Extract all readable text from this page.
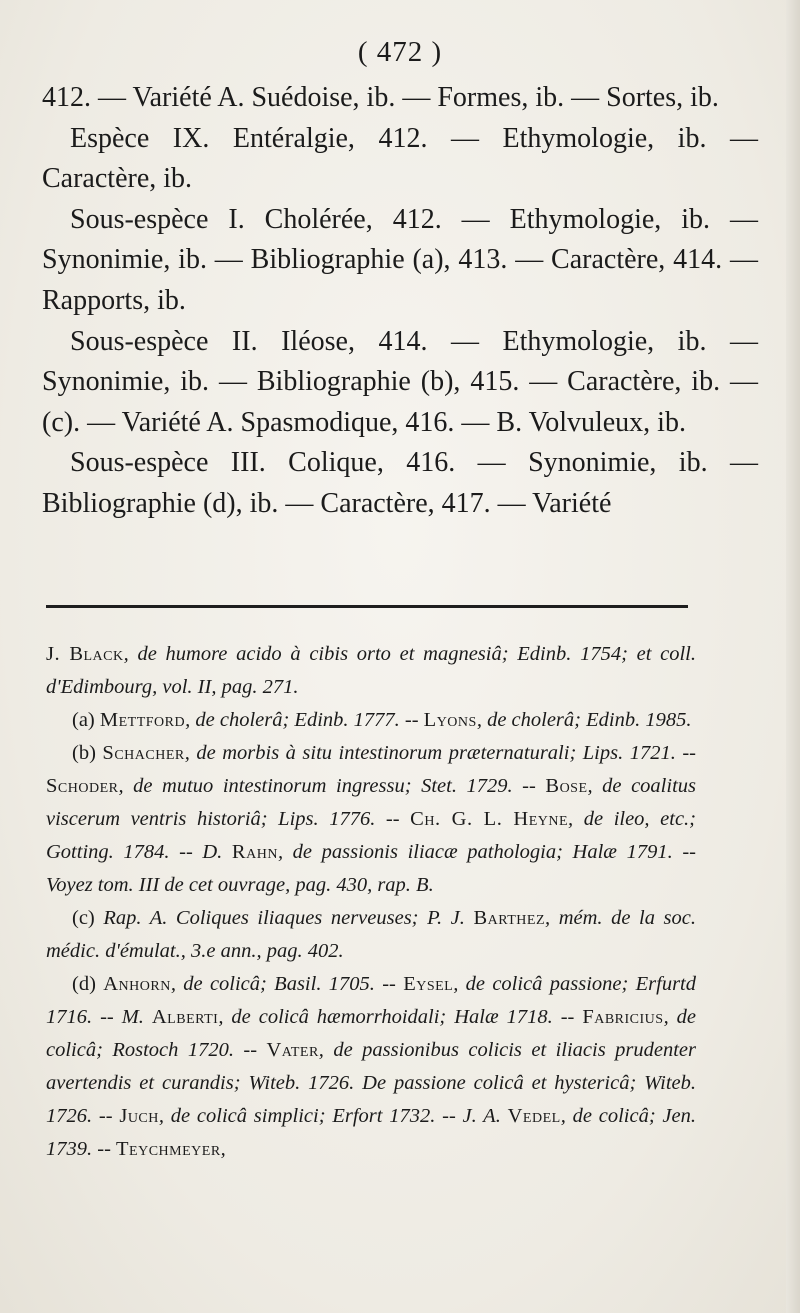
( 472 )

412. — Variété A. Suédoise, ib. — Formes, ib. — Sortes, ib.

Espèce IX. Entéralgie, 412. — Ethymologie, ib. — Caractère, ib.

Sous-espèce I. Cholérée, 412. — Ethymologie, ib. — Synonimie, ib. — Bibliographie (a), 413. — Caractère, 414. — Rapports, ib.

Sous-espèce II. Iléose, 414. — Ethymologie, ib. — Synonimie, ib. — Bibliographie (b), 415. — Caractère, ib. — (c). — Variété A. Spasmodique, 416. — B. Volvuleux, ib.

Sous-espèce III. Colique, 416. — Synonimie, ib. — Bibliographie (d), ib. — Caractère, 417. — Variété

J. Black, de humore acido à cibis orto et magnesiâ; Edinb. 1754; et coll. d'Edimbourg, vol. II, pag. 271.

(a) Mettford, de cholerâ; Edinb. 1777. -- Lyons, de cholerâ; Edinb. 1985.

(b) Schacher, de morbis à situ intestinorum præternaturali; Lips. 1721. -- Schoder, de mutuo intestinorum ingressu; Stet. 1729. -- Bose, de coalitus viscerum ventris historiâ; Lips. 1776. -- Ch. G. L. Heyne, de ileo, etc.; Gotting. 1784. -- D. Rahn, de passionis iliacæ pathologia; Halæ 1791. -- Voyez tom. III de cet ouvrage, pag. 430, rap. B.

(c) Rap. A. Coliques iliaques nerveuses; P. J. Barthez, mém. de la soc. médic. d'émulat., 3.e ann., pag. 402.

(d) Anhorn, de colicâ; Basil. 1705. -- Eysel, de colicâ passione; Erfurtd 1716. -- M. Alberti, de colicâ hæmorrhoidali; Halæ 1718. -- Fabricius, de colicâ; Rostoch 1720. -- Vater, de passionibus colicis et iliacis prudenter avertendis et curandis; Witeb. 1726. De passione colicâ et hystericâ; Witeb. 1726. -- Juch, de colicâ simplici; Erfort 1732. -- J. A. Vedel, de colicâ; Jen. 1739. -- Teychmeyer,
